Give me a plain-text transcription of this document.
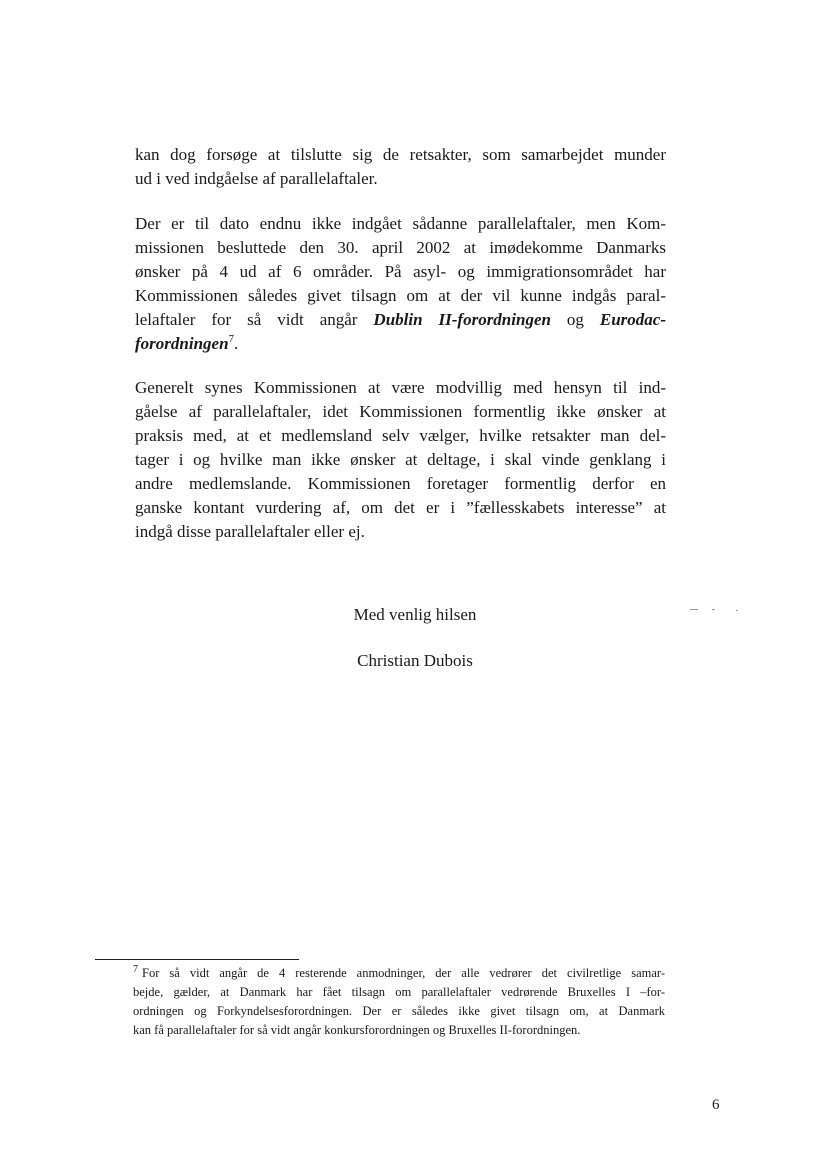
kan dog forsøge at tilslutte sig de retsakter, som samarbejdet munder
ud i ved indgåelse af parallelaftaler.
Der er til dato endnu ikke indgået sådanne parallelaftaler, men Kom-
missionen besluttede den 30. april 2002 at imødekomme Danmarks
ønsker på 4 ud af 6 områder. På asyl- og immigrationsområdet har
Kommissionen således givet tilsagn om at der vil kunne indgås paral-
lelaftaler for så vidt angår Dublin II-forordningen og Eurodac-
forordningen$^7$.
Generelt synes Kommissionen at være modvillig med hensyn til ind-
gåelse af parallelaftaler, idet Kommissionen formentlig ikke ønsker at
praksis med, at et medlemsland selv vælger, hvilke retsakter man del-
tager i og hvilke man ikke ønsker at deltage, i skal vinde genklang i
andre medlemslande. Kommissionen foretager formentlig derfor en
ganske kontant vurdering af, om det er i ”fællesskabets interesse” at
indgå disse parallelaftaler eller ej.
Med venlig hilsen
Christian Dubois
$^7$ For så vidt angår de 4 resterende anmodninger, der alle vedrører det civilretlige samar-
bejde, gælder, at Danmark har fået tilsagn om parallelaftaler vedrørende Bruxelles I –for-
ordningen og Forkyndelsesforordningen. Der er således ikke givet tilsagn om, at Danmark
kan få parallelaftaler for så vidt angår konkursforordningen og Bruxelles II-forordningen.
6
